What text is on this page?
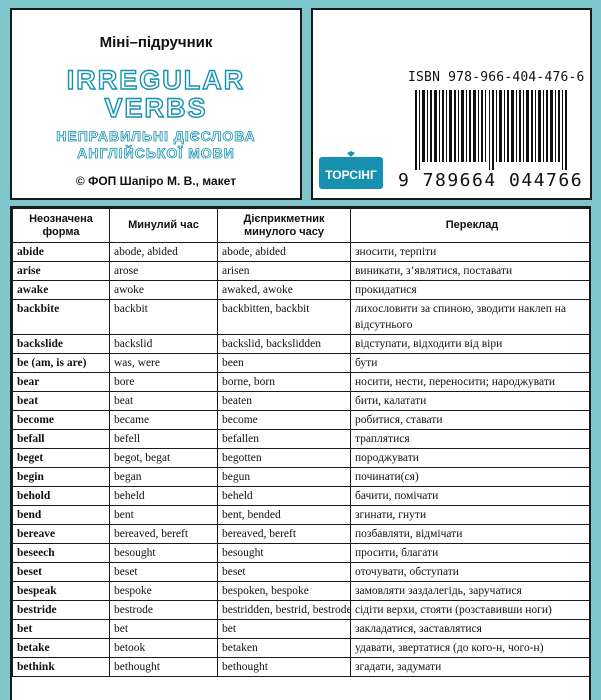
Міні–підручник
IRREGULAR
VERBS
НЕПРАВИЛЬНІ ДІЄСЛОВА
АНГЛІЙСЬКОЇ МОВИ
© ФОП Шапіро М. В., макет
ISBN 978-966-404-476-6
9 789664 044766
ТОРСІНГ
Неозначена форма	Минулий час	Дієприкметник минулого часу	Переклад
abide	abode, abided	abode, abided	зносити, терпіти
arise	arose	arisen	виникати, з’являтися, поставати
awake	awoke	awaked, awoke	прокидатися
backbite	backbit	backbitten, backbit	лихословити за спиною, зводити наклеп на відсутнього
backslide	backslid	backslid, backslidden	відступати, відходити від віри
be (am, is are)	was, were	been	бути
bear	bore	borne, born	носити, нести, переносити; народжувати
beat	beat	beaten	бити, калатати
become	became	become	робитися, ставати
befall	befell	befallen	траплятися
beget	begot, begat	begotten	породжувати
begin	began	begun	починати(ся)
behold	beheld	beheld	бачити, помічати
bend	bent	bent, bended	згинати, гнути
bereave	bereaved, bereft	bereaved, bereft	позбавляти, відмічати
beseech	besought	besought	просити, благати
beset	beset	beset	оточувати, обступати
bespeak	bespoke	bespoken, bespoke	замовляти заздалегідь, заручатися
bestride	bestrode	bestridden, bestrid, bestrode	сідіти верхи, стояти (розставивши ноги)
bet	bet	bet	закладатися, заставлятися
betake	betook	betaken	удавати, звертатися (до кого-н, чого-н)
bethink	bethought	bethought	згадати, задумати
